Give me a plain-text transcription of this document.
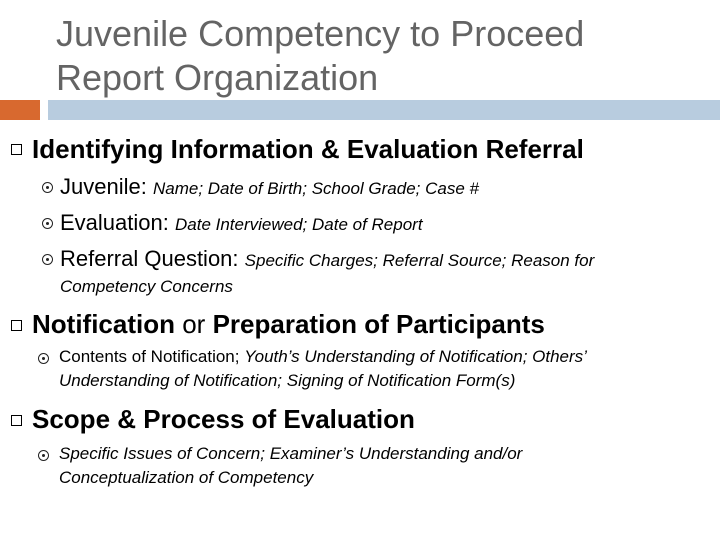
Juvenile Competency to Proceed
Report Organization
Identifying Information & Evaluation Referral
Juvenile: Name; Date of Birth; School Grade; Case #
Evaluation: Date Interviewed; Date of Report
Referral Question: Specific Charges; Referral Source; Reason for
Competency Concerns
Notification or Preparation of Participants
Contents of Notification; Youth’s Understanding of Notification; Others’
Understanding of Notification; Signing of Notification Form(s)
Scope & Process of Evaluation
Specific Issues of Concern; Examiner’s Understanding and/or
Conceptualization of Competency
